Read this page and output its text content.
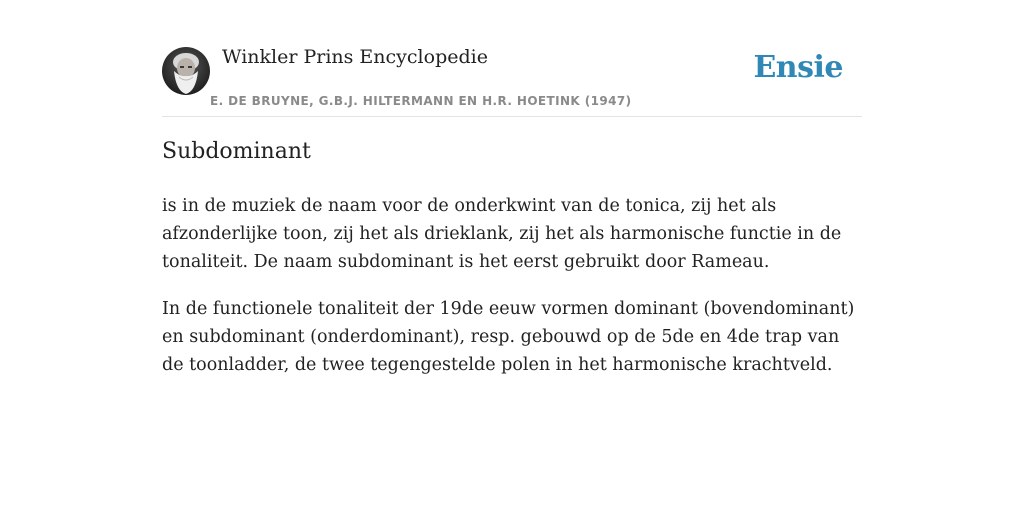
Winkler Prins Encyclopedie
E. DE BRUYNE, G.B.J. HILTERMANN EN H.R. HOETINK (1947)
Ensie
Subdominant

is in de muziek de naam voor de onderkwint van de tonica, zij het als afzonderlijke toon, zij het als drieklank, zij het als harmonische functie in de tonaliteit. De naam subdominant is het eerst gebruikt door Rameau.

In de functionele tonaliteit der 19de eeuw vormen dominant (bovendominant) en subdominant (onderdominant), resp. gebouwd op de 5de en 4de trap van de toonladder, de twee tegengestelde polen in het harmonische krachtveld.
